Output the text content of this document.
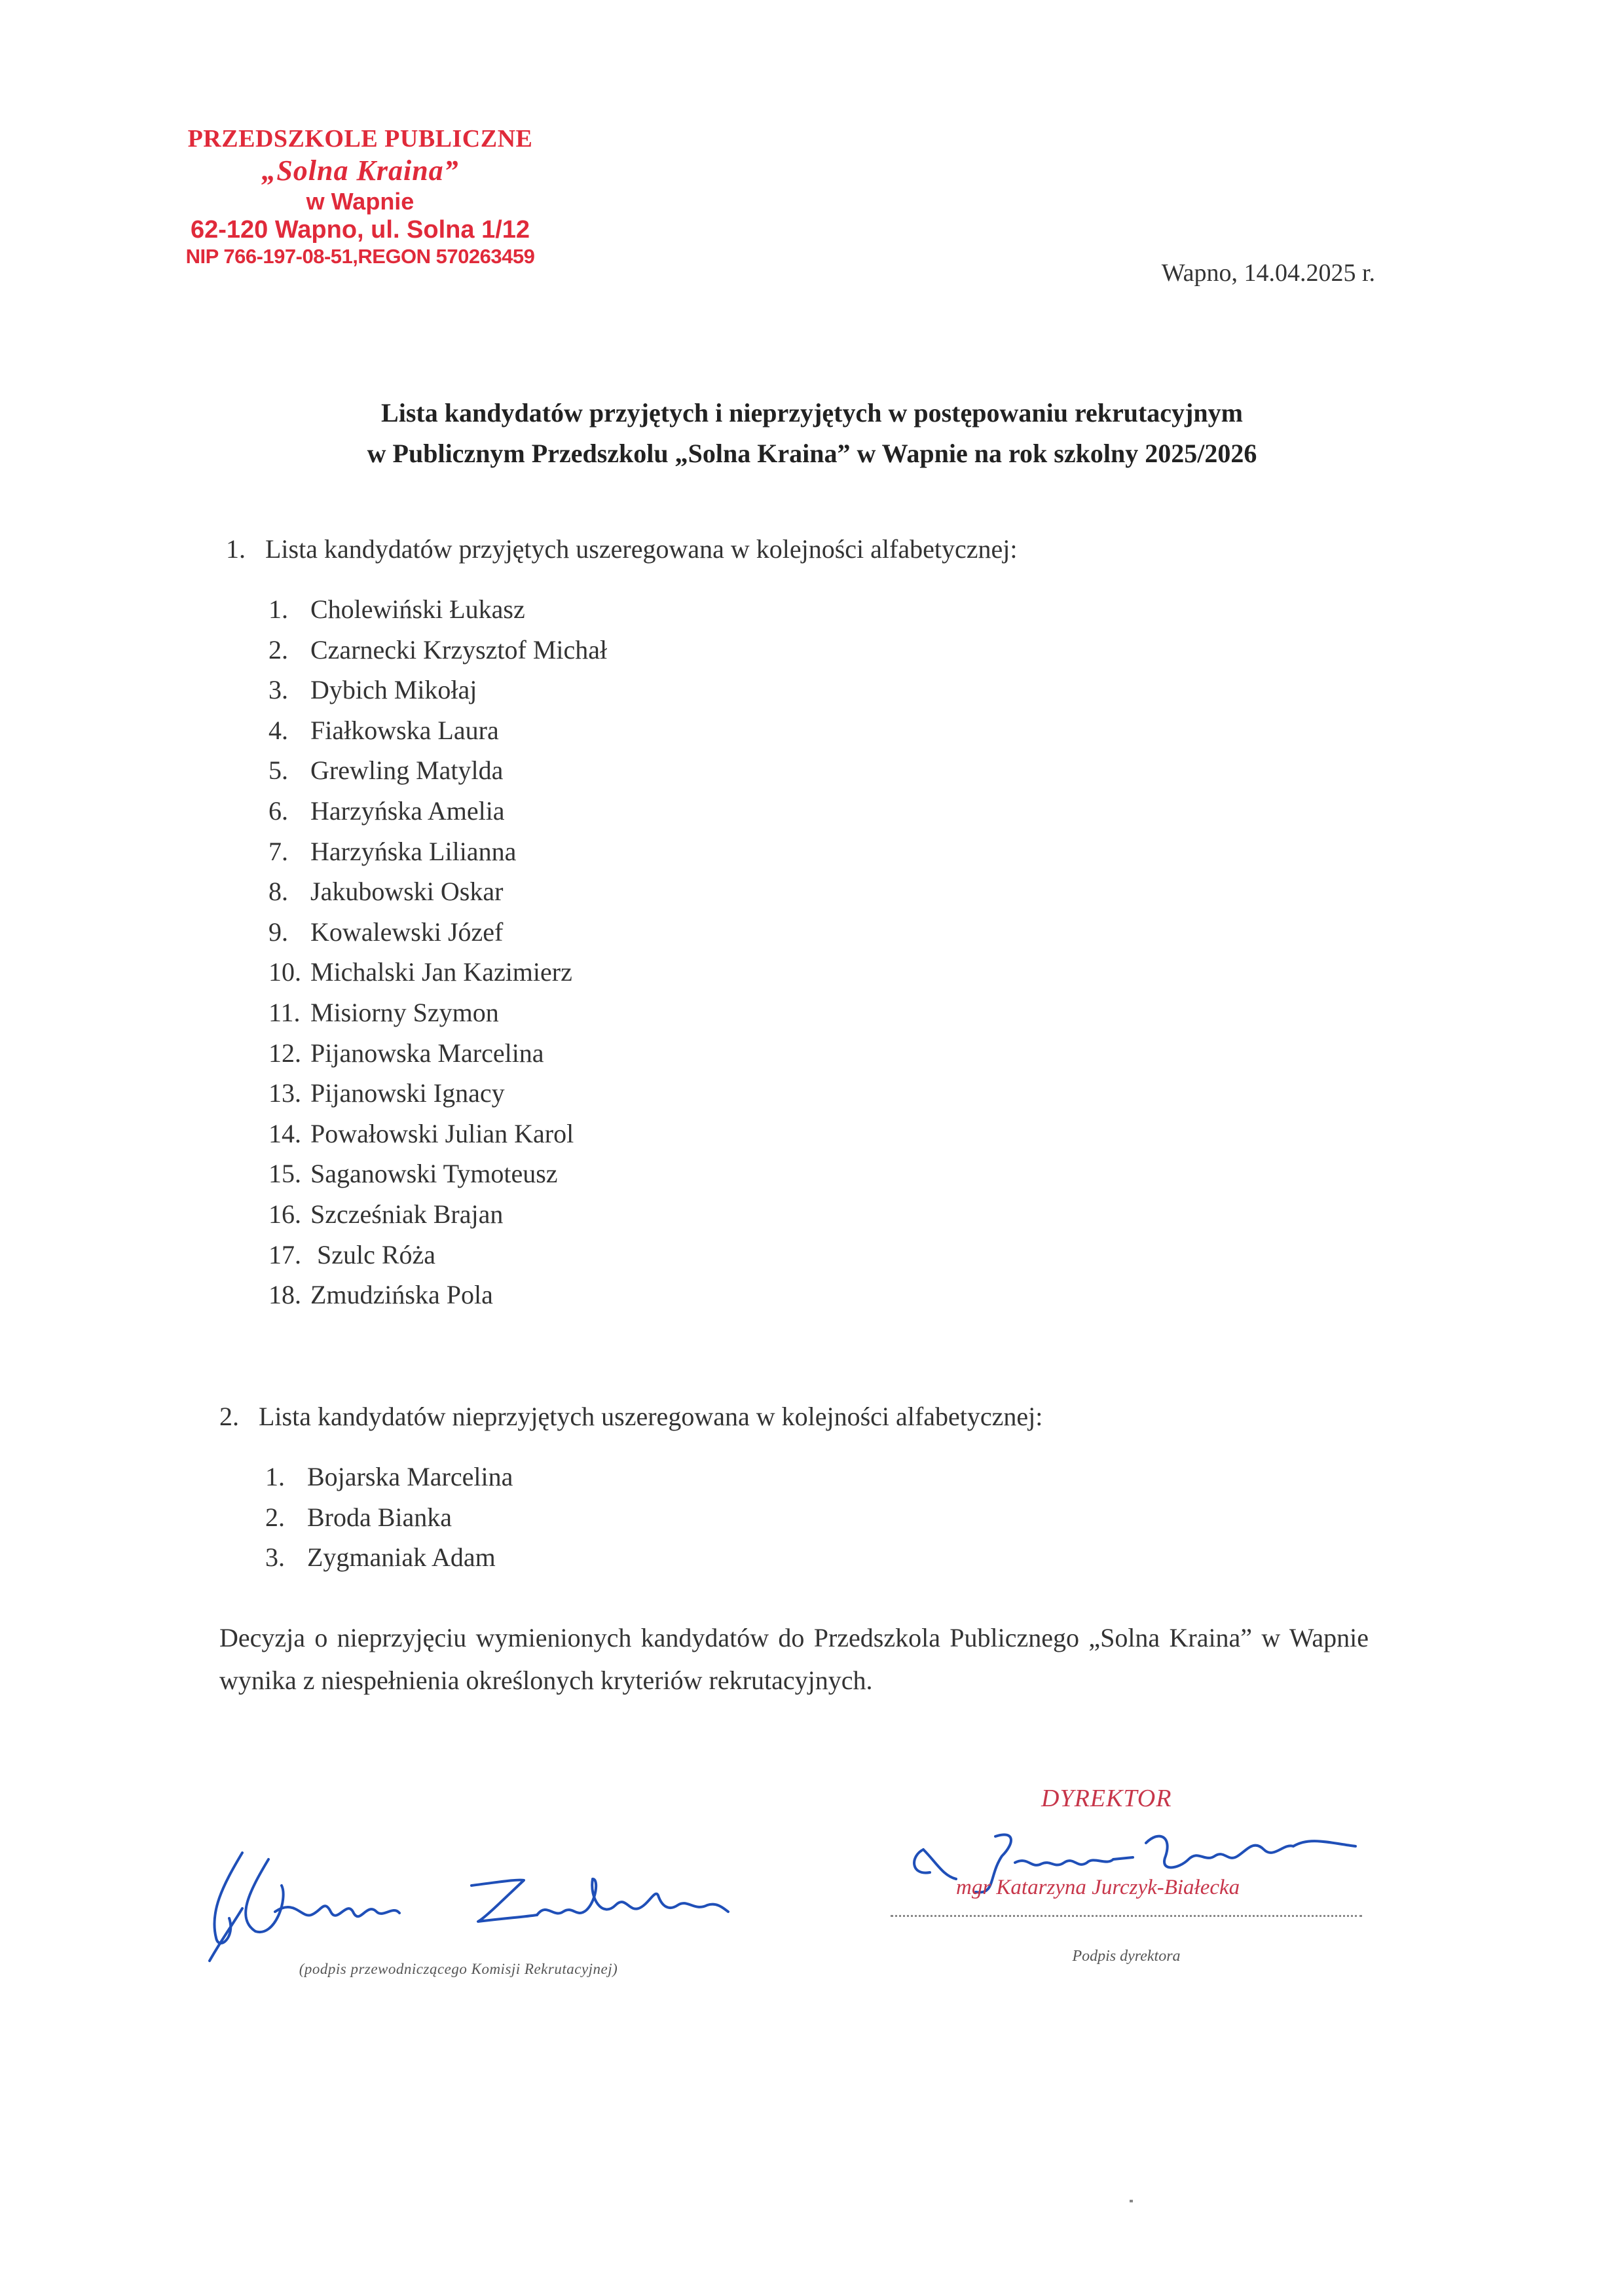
PRZEDSZKOLE PUBLICZNE
„Solna Kraina”
w Wapnie
62-120 Wapno, ul. Solna 1/12
NIP 766-197-08-51,REGON 570263459
Wapno, 14.04.2025 r.
Lista kandydatów przyjętych i nieprzyjętych w postępowaniu rekrutacyjnym
w Publicznym Przedszkolu „Solna Kraina” w Wapnie na rok szkolny 2025/2026
1. Lista kandydatów przyjętych uszeregowana w kolejności alfabetycznej:
1. Cholewiński Łukasz
2. Czarnecki Krzysztof Michał
3. Dybich Mikołaj
4. Fiałkowska Laura
5. Grewling Matylda
6. Harzyńska Amelia
7. Harzyńska Lilianna
8. Jakubowski Oskar
9. Kowalewski Józef
10. Michalski Jan Kazimierz
11. Misiorny Szymon
12. Pijanowska Marcelina
13. Pijanowski Ignacy
14. Powałowski Julian Karol
15. Saganowski Tymoteusz
16. Szcześniak Brajan
17. Szulc Róża
18. Zmudzińska Pola
2. Lista kandydatów nieprzyjętych uszeregowana w kolejności alfabetycznej:
1. Bojarska Marcelina
2. Broda Bianka
3. Zygmaniak Adam
Decyzja o nieprzyjęciu wymienionych kandydatów do Przedszkola Publicznego „Solna Kraina” w Wapnie wynika z niespełnienia określonych kryteriów rekrutacyjnych.
(podpis przewodniczącego Komisji Rekrutacyjnej)
DYREKTOR
mgr Katarzyna Jurczyk-Białecka
Podpis dyrektora
